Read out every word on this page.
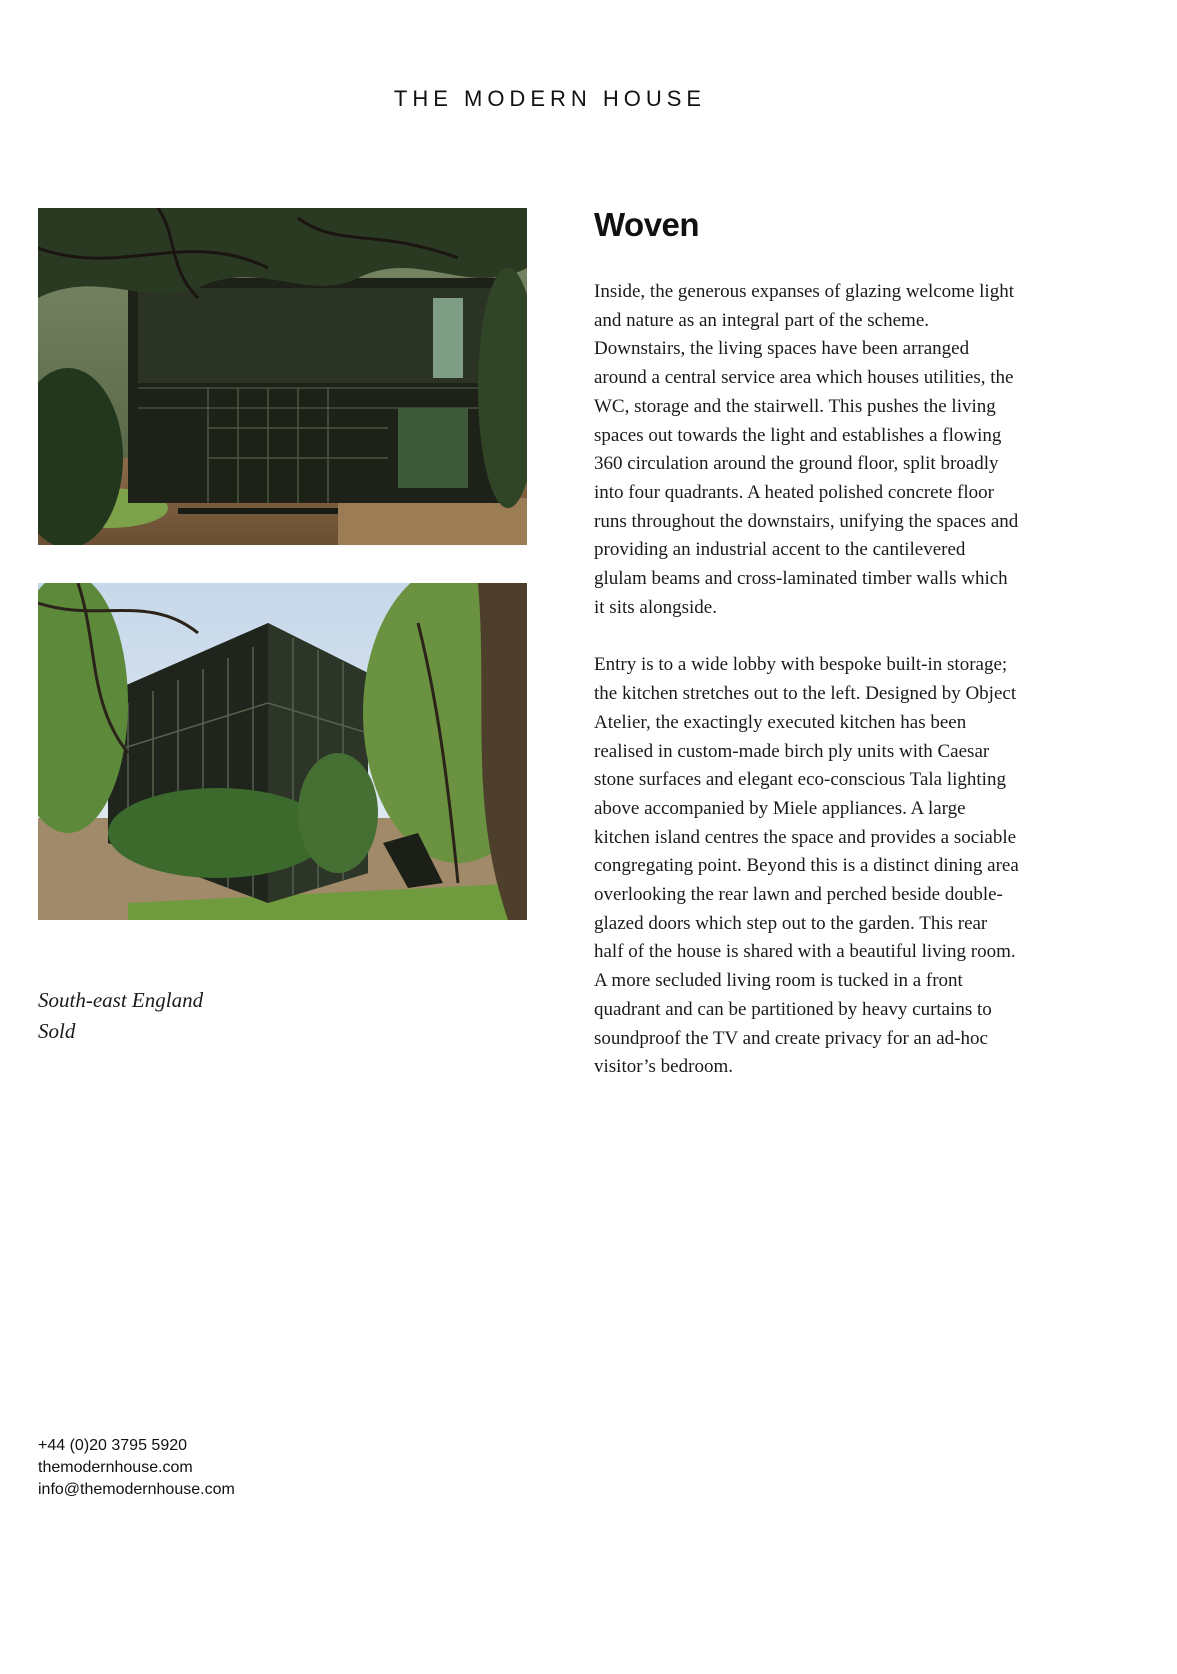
THE MODERN HOUSE
Woven

Inside, the generous expanses of glazing welcome light and nature as an integral part of the scheme. Downstairs, the living spaces have been arranged around a central service area which houses utilities, the WC, storage and the stairwell. This pushes the living spaces out towards the light and establishes a flowing 360 circulation around the ground floor, split broadly into four quadrants. A heated polished concrete floor runs throughout the downstairs, unifying the spaces and providing an industrial accent to the cantilevered glulam beams and cross-laminated timber walls which it sits alongside.

Entry is to a wide lobby with bespoke built-in storage; the kitchen stretches out to the left. Designed by Object Atelier, the exactingly executed kitchen has been realised in custom-made birch ply units with Caesar stone surfaces and elegant eco-conscious Tala lighting above accompanied by Miele appliances. A large kitchen island centres the space and provides a sociable congregating point. Beyond this is a distinct dining area overlooking the rear lawn and perched beside double-glazed doors which step out to the garden. This rear half of the house is shared with a beautiful living room. A more secluded living room is tucked in a front quadrant and can be partitioned by heavy curtains to soundproof the TV and create privacy for an ad-hoc visitor’s bedroom.

South-east England
Sold
+44 (0)20 3795 5920
themodernhouse.com
info@themodernhouse.com
